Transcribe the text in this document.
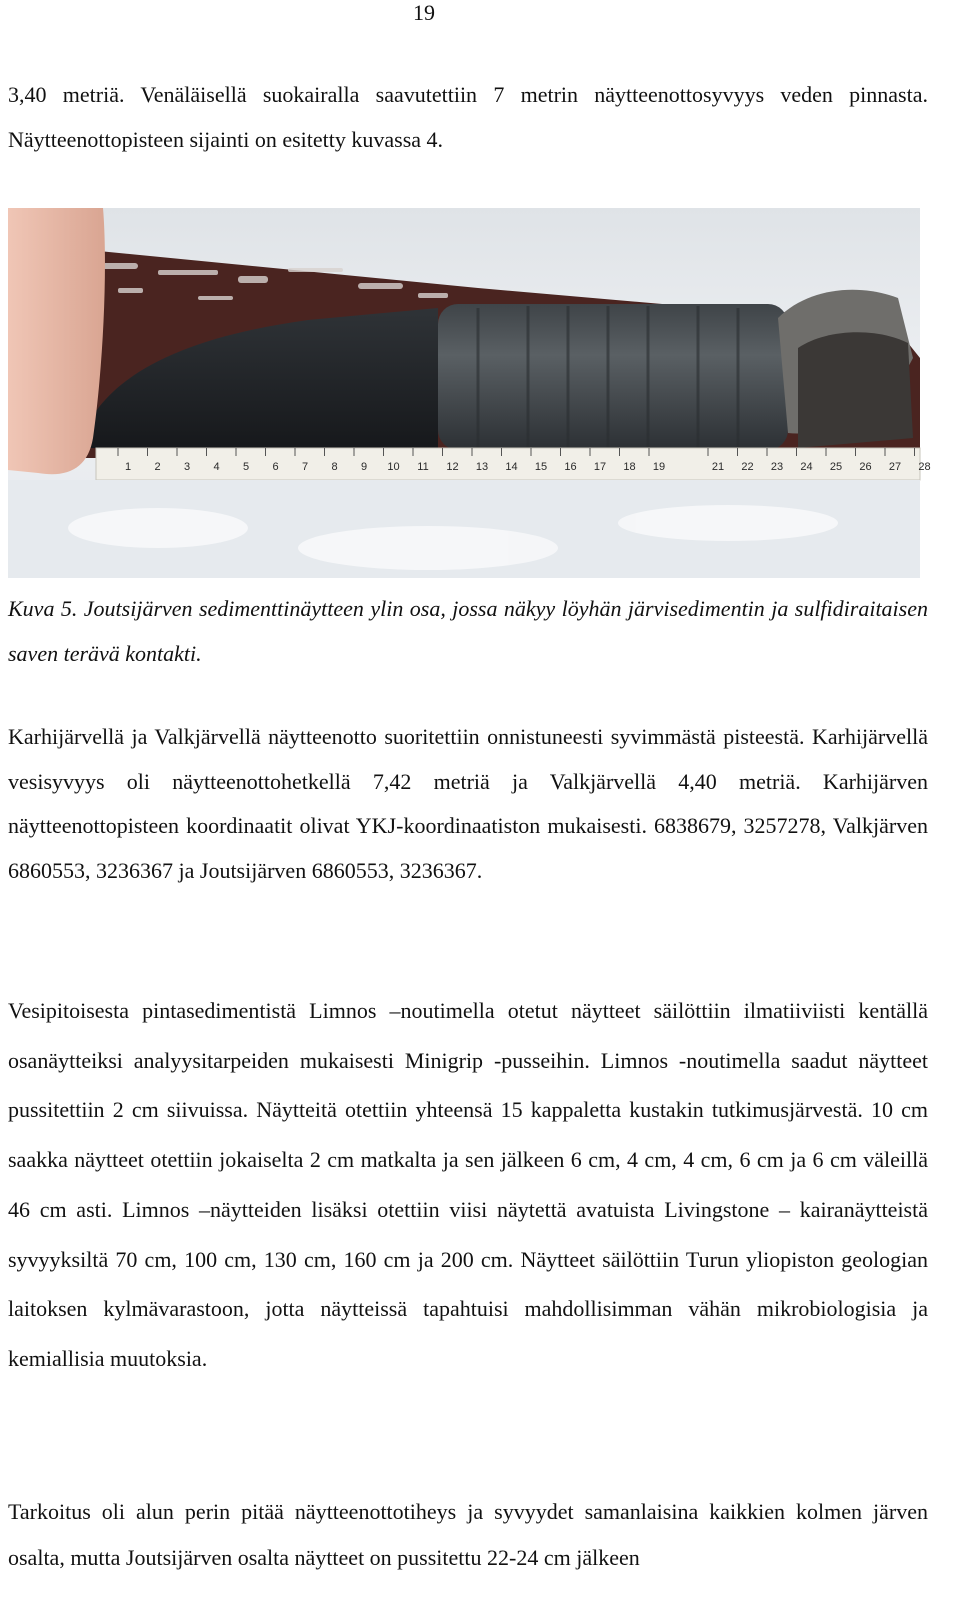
19

3,40 metriä. Venäläisellä suokairalla saavutettiin 7 metrin näytteenottosyvyys veden pinnasta. Näytteenottopisteen sijainti on esitetty kuvassa 4.

1 2 3 4 5 6 7 8 9 10 11 12 13 14 15 16 17 18 19	21 22 23 24 25 26 27 28

Kuva 5. Joutsijärven sedimenttinäytteen ylin osa, jossa näkyy löyhän järvisedimentin ja sulfidiraitaisen saven terävä kontakti.

Karhijärvellä ja Valkjärvellä näytteenotto suoritettiin onnistuneesti syvimmästä pisteestä. Karhijärvellä vesisyvyys oli näytteenottohetkellä 7,42 metriä ja Valkjärvellä 4,40 metriä. Karhijärven näytteenottopisteen koordinaatit olivat YKJ-koordinaatiston mukaisesti. 6838679, 3257278, Valkjärven 6860553, 3236367 ja Joutsijärven 6860553, 3236367.

Vesipitoisesta pintasedimentistä Limnos –noutimella otetut näytteet säilöttiin ilmatiiviisti kentällä osanäytteiksi analyysitarpeiden mukaisesti Minigrip -pusseihin. Limnos -noutimella saadut näytteet pussitettiin 2 cm siivuissa. Näytteitä otettiin yhteensä 15 kappaletta kustakin tutkimusjärvestä. 10 cm saakka näytteet otettiin jokaiselta 2 cm matkalta ja sen jälkeen 6 cm, 4 cm, 4 cm, 6 cm ja 6 cm väleillä 46 cm asti. Limnos –näytteiden lisäksi otettiin viisi näytettä avatuista Livingstone – kairanäytteistä syvyyksiltä 70 cm, 100 cm, 130 cm, 160 cm ja 200 cm. Näytteet säilöttiin Turun yliopiston geologian laitoksen kylmävarastoon, jotta näytteissä tapahtuisi mahdollisimman vähän mikrobiologisia ja kemiallisia muutoksia.

Tarkoitus oli alun perin pitää näytteenottotiheys ja syvyydet samanlaisina kaikkien kolmen järven osalta, mutta Joutsijärven osalta näytteet on pussitettu 22-24 cm jälkeen
